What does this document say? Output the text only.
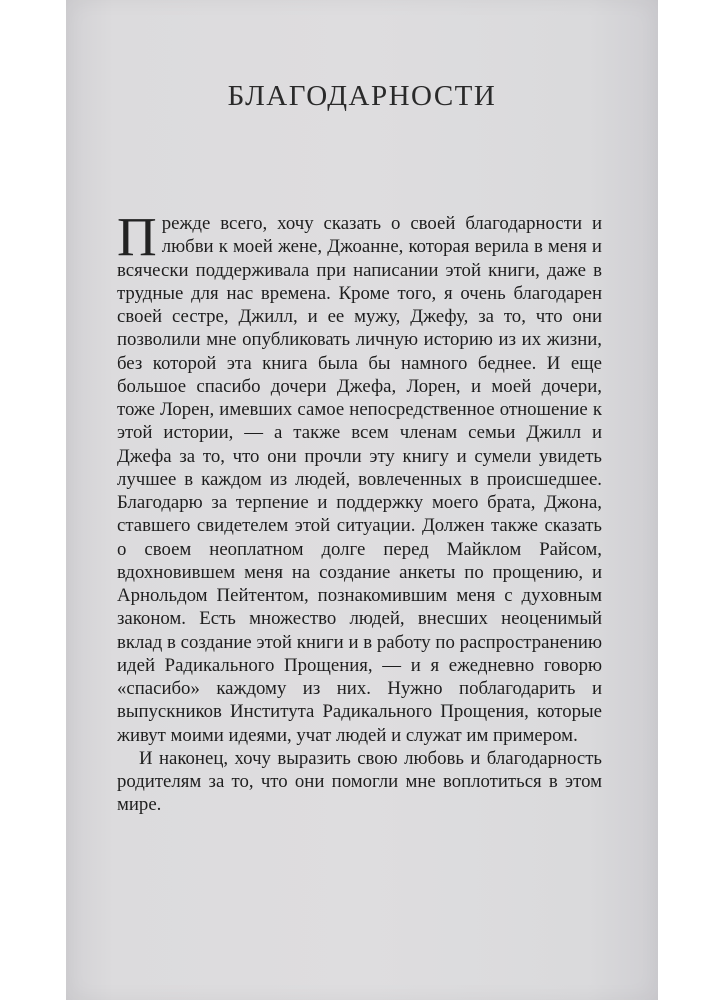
БЛАГОДАРНОСТИ

Прежде всего, хочу сказать о своей благодарности и любви к моей жене, Джоанне, которая верила в меня и всячески поддерживала при написании этой книги, даже в трудные для нас времена. Кроме того, я очень благодарен своей сестре, Джилл, и ее мужу, Джефу, за то, что они позволили мне опубликовать личную историю из их жизни, без которой эта книга была бы намного беднее. И еще большое спасибо дочери Джефа, Лорен, и моей дочери, тоже Лорен, имевших самое непосредственное отношение к этой истории, — а также всем членам семьи Джилл и Джефа за то, что они прочли эту книгу и сумели увидеть лучшее в каждом из людей, вовлеченных в происшедшее. Благодарю за терпение и поддержку моего брата, Джона, ставшего свидетелем этой ситуации. Должен также сказать о своем неоплатном долге перед Майклом Райсом, вдохновившем меня на создание анкеты по прощению, и Арнольдом Пейтентом, познакомившим меня с духовным законом. Есть множество людей, внесших неоценимый вклад в создание этой книги и в работу по распространению идей Радикального Прощения, — и я ежедневно говорю «спасибо» каждому из них. Нужно поблагодарить и выпускников Института Радикального Прощения, которые живут моими идеями, учат людей и служат им примером.

И наконец, хочу выразить свою любовь и благодарность родителям за то, что они помогли мне воплотиться в этом мире.
